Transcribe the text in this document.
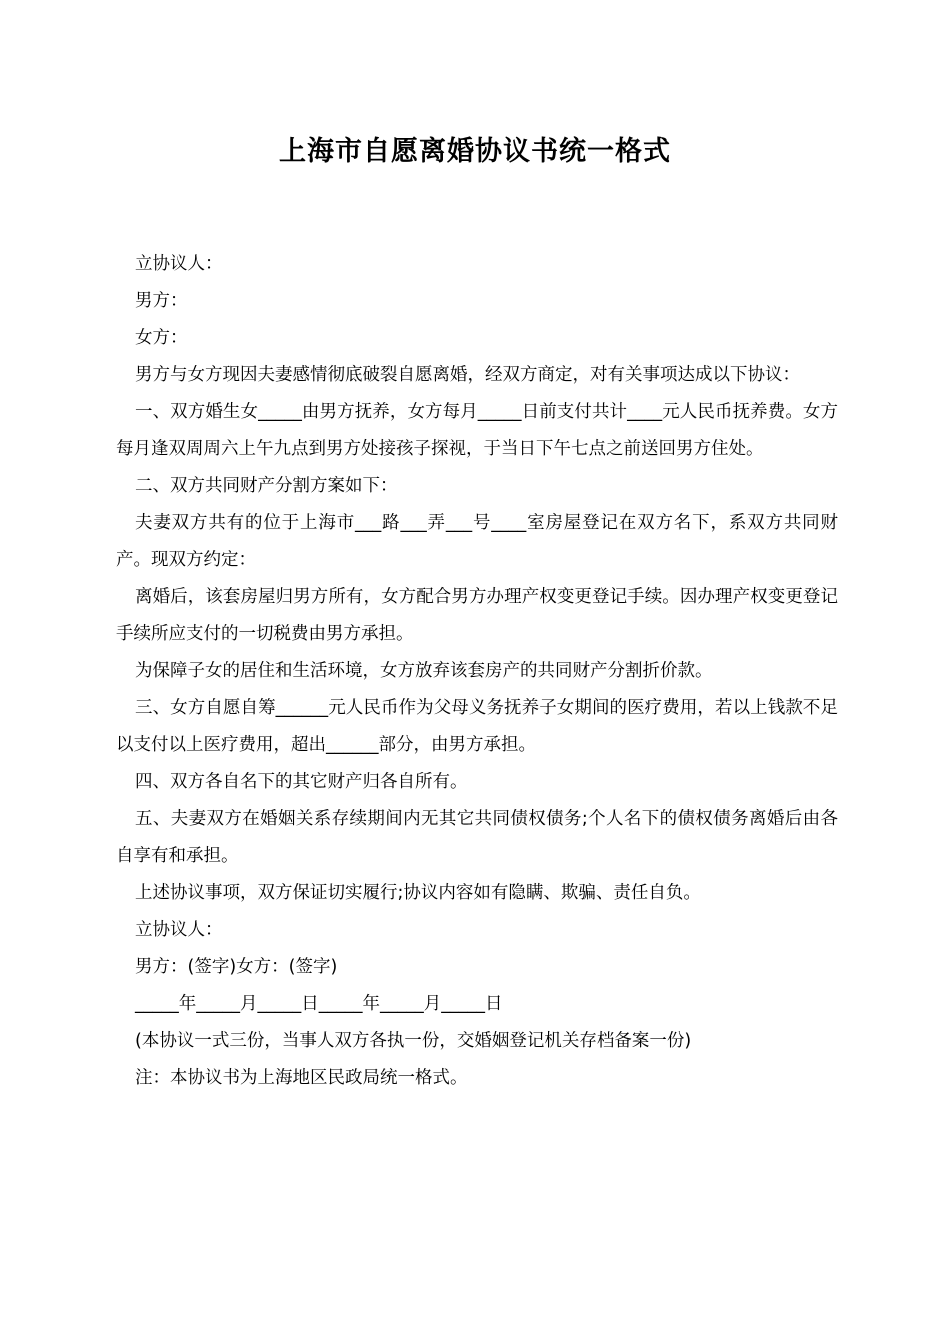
上海市自愿离婚协议书统一格式

立协议人：

男方：

女方：

男方与女方现因夫妻感情彻底破裂自愿离婚，经双方商定，对有关事项达成以下协议：

一、双方婚生女_____由男方抚养，女方每月_____日前支付共计____元人民币抚养费。女方每月逢双周周六上午九点到男方处接孩子探视，于当日下午七点之前送回男方住处。

二、双方共同财产分割方案如下：

夫妻双方共有的位于上海市___路___弄___号____室房屋登记在双方名下，系双方共同财产。现双方约定：

离婚后，该套房屋归男方所有，女方配合男方办理产权变更登记手续。因办理产权变更登记手续所应支付的一切税费由男方承担。

为保障子女的居住和生活环境，女方放弃该套房产的共同财产分割折价款。

三、女方自愿自筹______元人民币作为父母义务抚养子女期间的医疗费用，若以上钱款不足以支付以上医疗费用，超出______部分，由男方承担。

四、双方各自名下的其它财产归各自所有。

五、夫妻双方在婚姻关系存续期间内无其它共同债权债务;个人名下的债权债务离婚后由各自享有和承担。

上述协议事项，双方保证切实履行;协议内容如有隐瞒、欺骗、责任自负。

立协议人：

男方：(签字)女方：(签字)

_____年_____月_____日_____年_____月_____日

(本协议一式三份，当事人双方各执一份，交婚姻登记机关存档备案一份)

注：本协议书为上海地区民政局统一格式。
